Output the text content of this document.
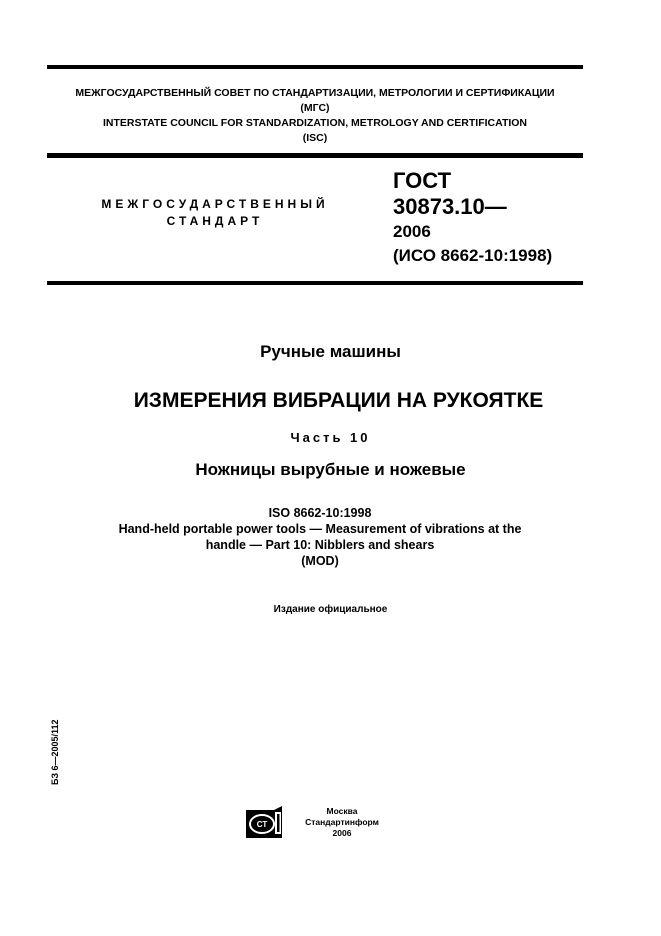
МЕЖГОСУДАРСТВЕННЫЙ СОВЕТ ПО СТАНДАРТИЗАЦИИ, МЕТРОЛОГИИ И СЕРТИФИКАЦИИ
(МГС)
INTERSTATE COUNCIL FOR STANDARDIZATION, METROLOGY AND CERTIFICATION
(ISC)
МЕЖГОСУДАРСТВЕННЫЙ
СТАНДАРТ
ГОСТ
30873.10—
2006
(ИСО 8662-10:1998)
Ручные машины
ИЗМЕРЕНИЯ ВИБРАЦИИ НА РУКОЯТКЕ
Часть 10
Ножницы вырубные и ножевые
ISO 8662-10:1998
Hand-held portable power tools — Measurement of vibrations at the
handle — Part 10: Nibblers and shears
(MOD)
Издание официальное
БЗ 6—2005/112
СТ
Москва
Стандартинформ
2006
